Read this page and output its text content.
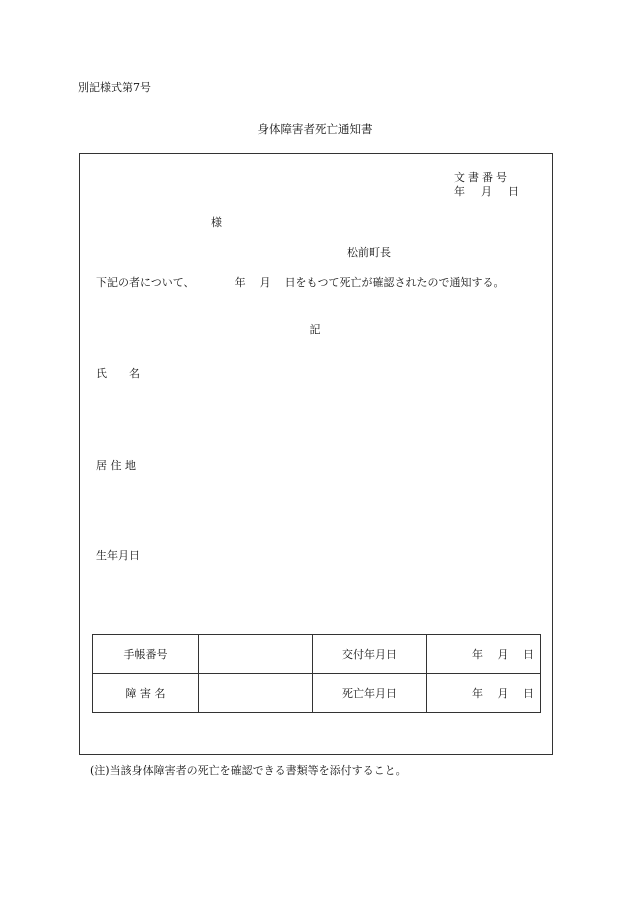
別記様式第7号
身体障害者死亡通知書
文書番号
年 月 日
様
松前町長
下記の者について、	年 月 日をもつて死亡が確認されたので通知する。
記
氏　　名
居 住 地
生年月日
手帳番号		交付年月日	年　 月　 日
障 害 名		死亡年月日	年　 月　 日
(注)当該身体障害者の死亡を確認できる書類等を添付すること。
